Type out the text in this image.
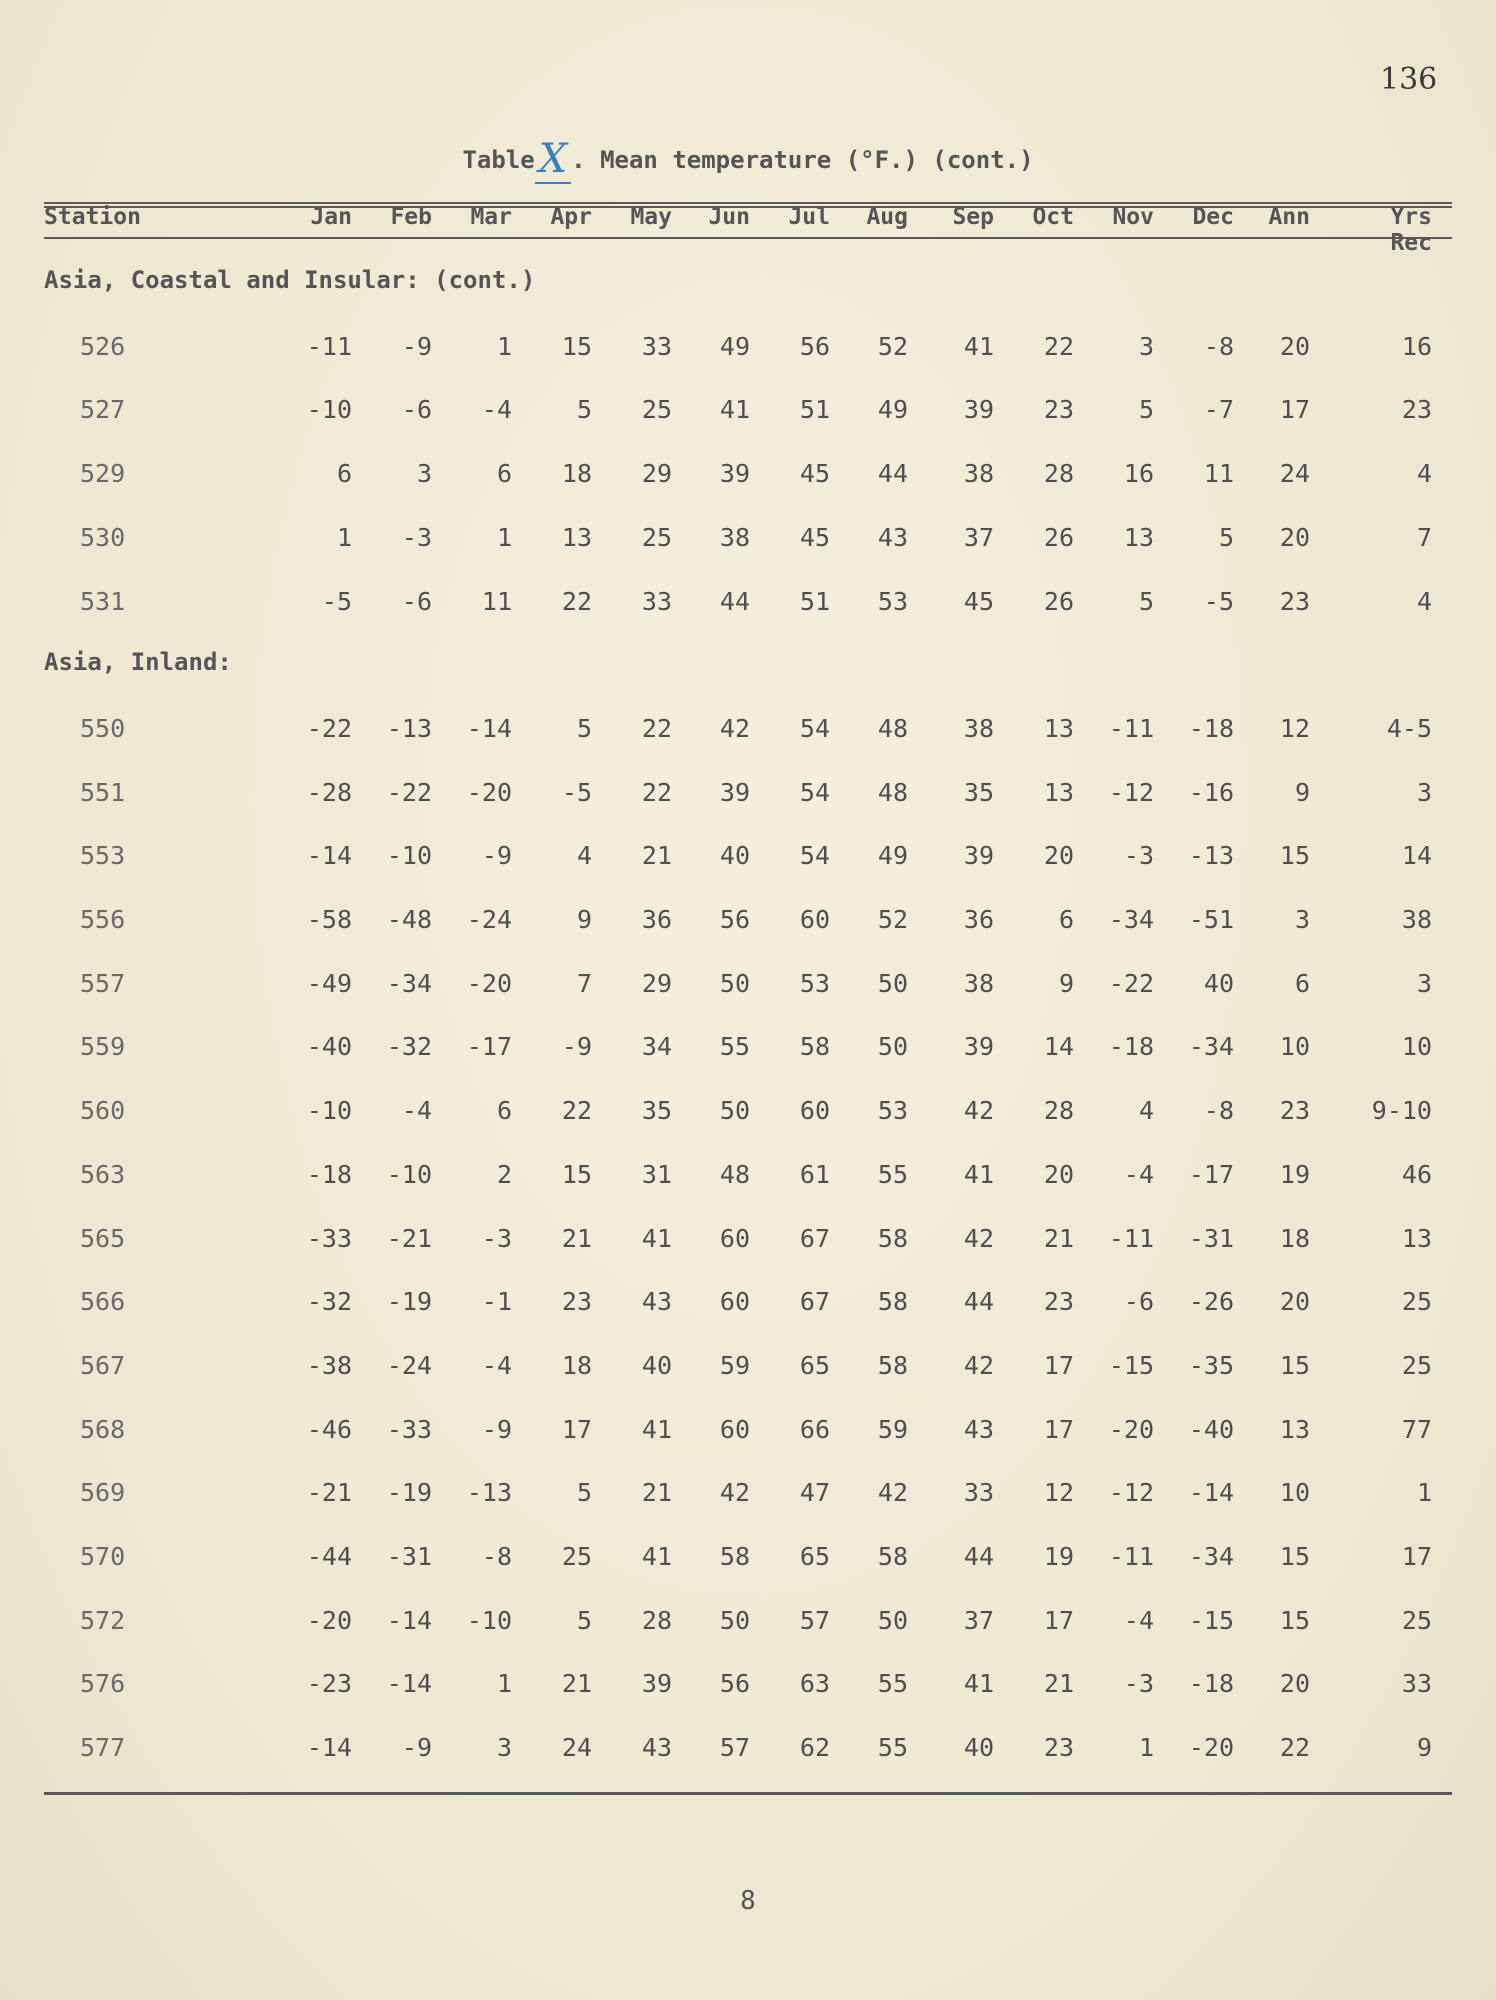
136
Table X . Mean temperature (°F.) (cont.)
Station	Jan	Feb	Mar	Apr	May	Jun	Jul	Aug	Sep	Oct	Nov	Dec	Ann	Yrs Rec
Asia, Coastal and Insular: (cont.)
526	-11	-9	1	15	33	49	56	52	41	22	3	-8	20	16
527	-10	-6	-4	5	25	41	51	49	39	23	5	-7	17	23
529	6	3	6	18	29	39	45	44	38	28	16	11	24	4
530	1	-3	1	13	25	38	45	43	37	26	13	5	20	7
531	-5	-6	11	22	33	44	51	53	45	26	5	-5	23	4
Asia, Inland:
550	-22	-13	-14	5	22	42	54	48	38	13	-11	-18	12	4-5
551	-28	-22	-20	-5	22	39	54	48	35	13	-12	-16	9	3
553	-14	-10	-9	4	21	40	54	49	39	20	-3	-13	15	14
556	-58	-48	-24	9	36	56	60	52	36	6	-34	-51	3	38
557	-49	-34	-20	7	29	50	53	50	38	9	-22	40	6	3
559	-40	-32	-17	-9	34	55	58	50	39	14	-18	-34	10	10
560	-10	-4	6	22	35	50	60	53	42	28	4	-8	23	9-10
563	-18	-10	2	15	31	48	61	55	41	20	-4	-17	19	46
565	-33	-21	-3	21	41	60	67	58	42	21	-11	-31	18	13
566	-32	-19	-1	23	43	60	67	58	44	23	-6	-26	20	25
567	-38	-24	-4	18	40	59	65	58	42	17	-15	-35	15	25
568	-46	-33	-9	17	41	60	66	59	43	17	-20	-40	13	77
569	-21	-19	-13	5	21	42	47	42	33	12	-12	-14	10	1
570	-44	-31	-8	25	41	58	65	58	44	19	-11	-34	15	17
572	-20	-14	-10	5	28	50	57	50	37	17	-4	-15	15	25
576	-23	-14	1	21	39	56	63	55	41	21	-3	-18	20	33
577	-14	-9	3	24	43	57	62	55	40	23	1	-20	22	9
8
